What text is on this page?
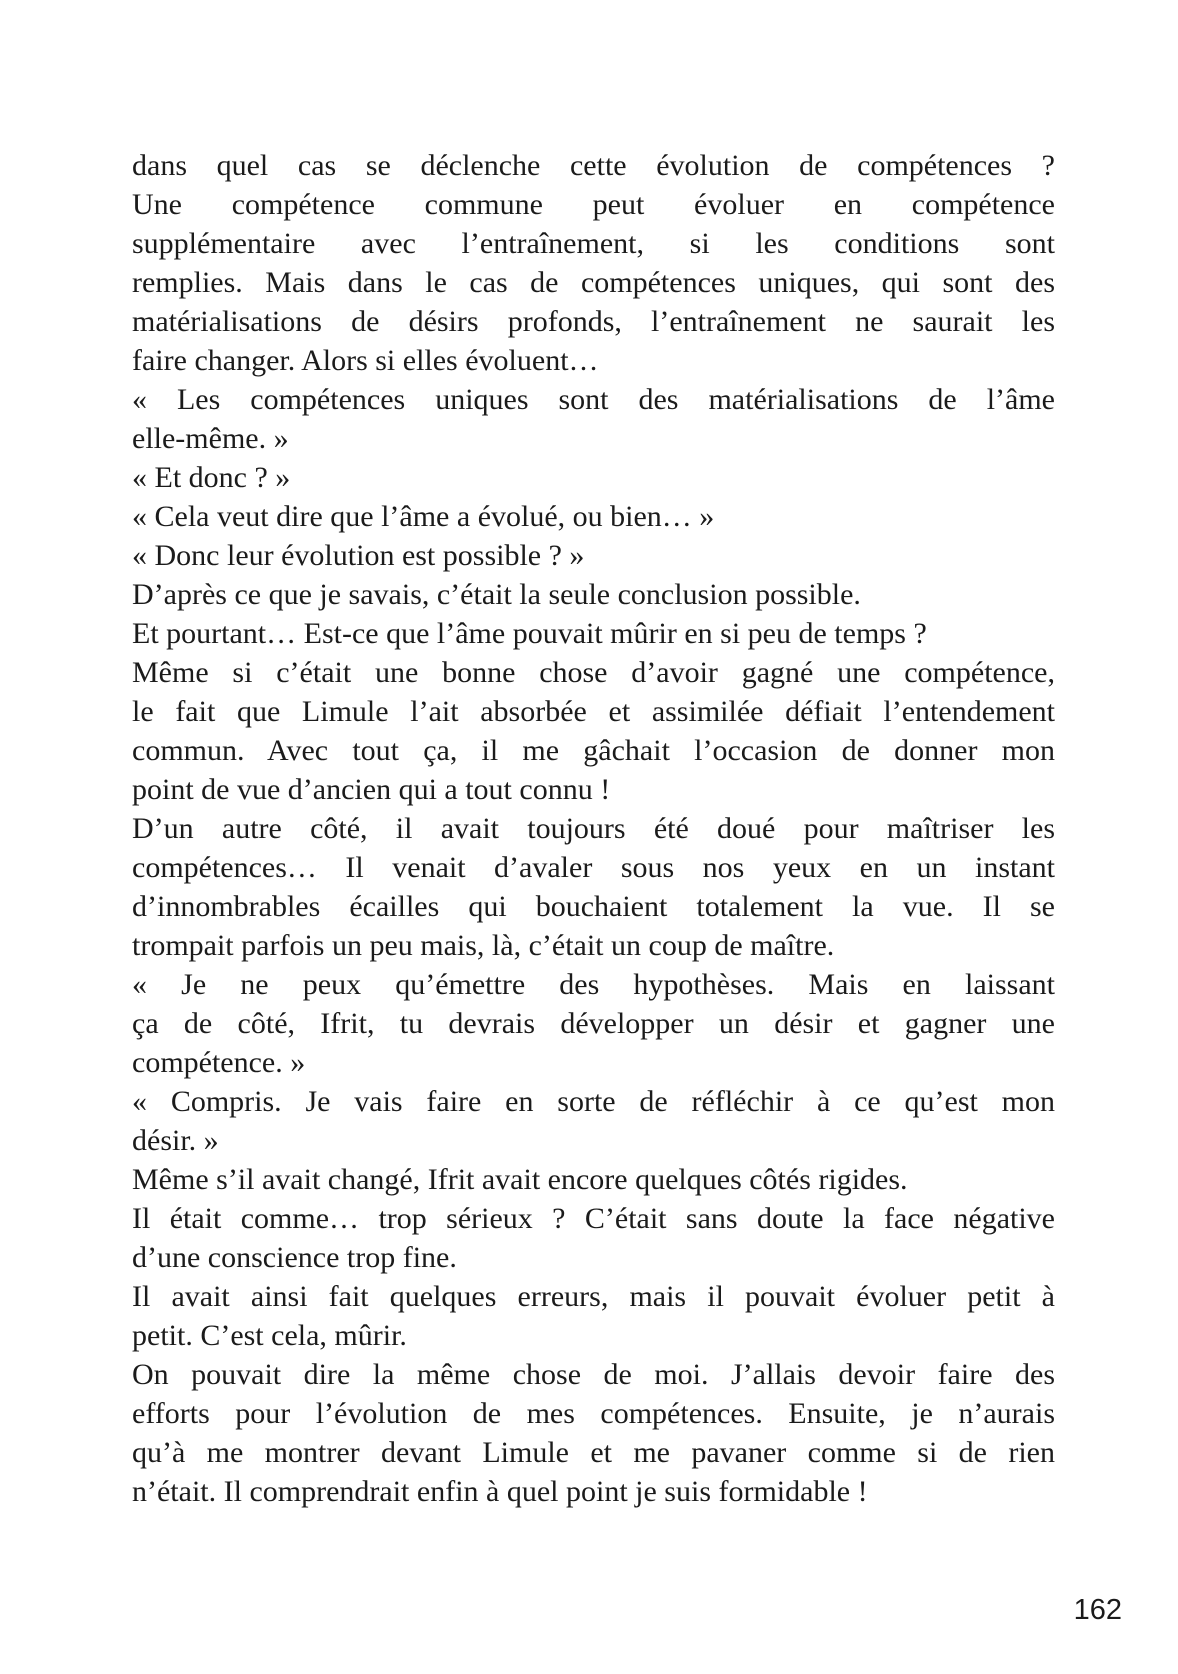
dans quel cas se déclenche cette évolution de compétences ?
Une compétence commune peut évoluer en compétence
supplémentaire avec l’entraînement, si les conditions sont
remplies. Mais dans le cas de compétences uniques, qui sont des
matérialisations de désirs profonds, l’entraînement ne saurait les
faire changer. Alors si elles évoluent…
« Les compétences uniques sont des matérialisations de l’âme
elle-même. »
« Et donc ? »
« Cela veut dire que l’âme a évolué, ou bien… »
« Donc leur évolution est possible ? »
D’après ce que je savais, c’était la seule conclusion possible.
Et pourtant… Est-ce que l’âme pouvait mûrir en si peu de temps ?
Même si c’était une bonne chose d’avoir gagné une compétence,
le fait que Limule l’ait absorbée et assimilée défiait l’entendement
commun. Avec tout ça, il me gâchait l’occasion de donner mon
point de vue d’ancien qui a tout connu !
D’un autre côté, il avait toujours été doué pour maîtriser les
compétences… Il venait d’avaler sous nos yeux en un instant
d’innombrables écailles qui bouchaient totalement la vue. Il se
trompait parfois un peu mais, là, c’était un coup de maître.
« Je ne peux qu’émettre des hypothèses. Mais en laissant
ça de côté, Ifrit, tu devrais développer un désir et gagner une
compétence. »
« Compris. Je vais faire en sorte de réfléchir à ce qu’est mon
désir. »
Même s’il avait changé, Ifrit avait encore quelques côtés rigides.
Il était comme… trop sérieux ? C’était sans doute la face négative
d’une conscience trop fine.
Il avait ainsi fait quelques erreurs, mais il pouvait évoluer petit à
petit. C’est cela, mûrir.
On pouvait dire la même chose de moi. J’allais devoir faire des
efforts pour l’évolution de mes compétences. Ensuite, je n’aurais
qu’à me montrer devant Limule et me pavaner comme si de rien
n’était. Il comprendrait enfin à quel point je suis formidable !
162
